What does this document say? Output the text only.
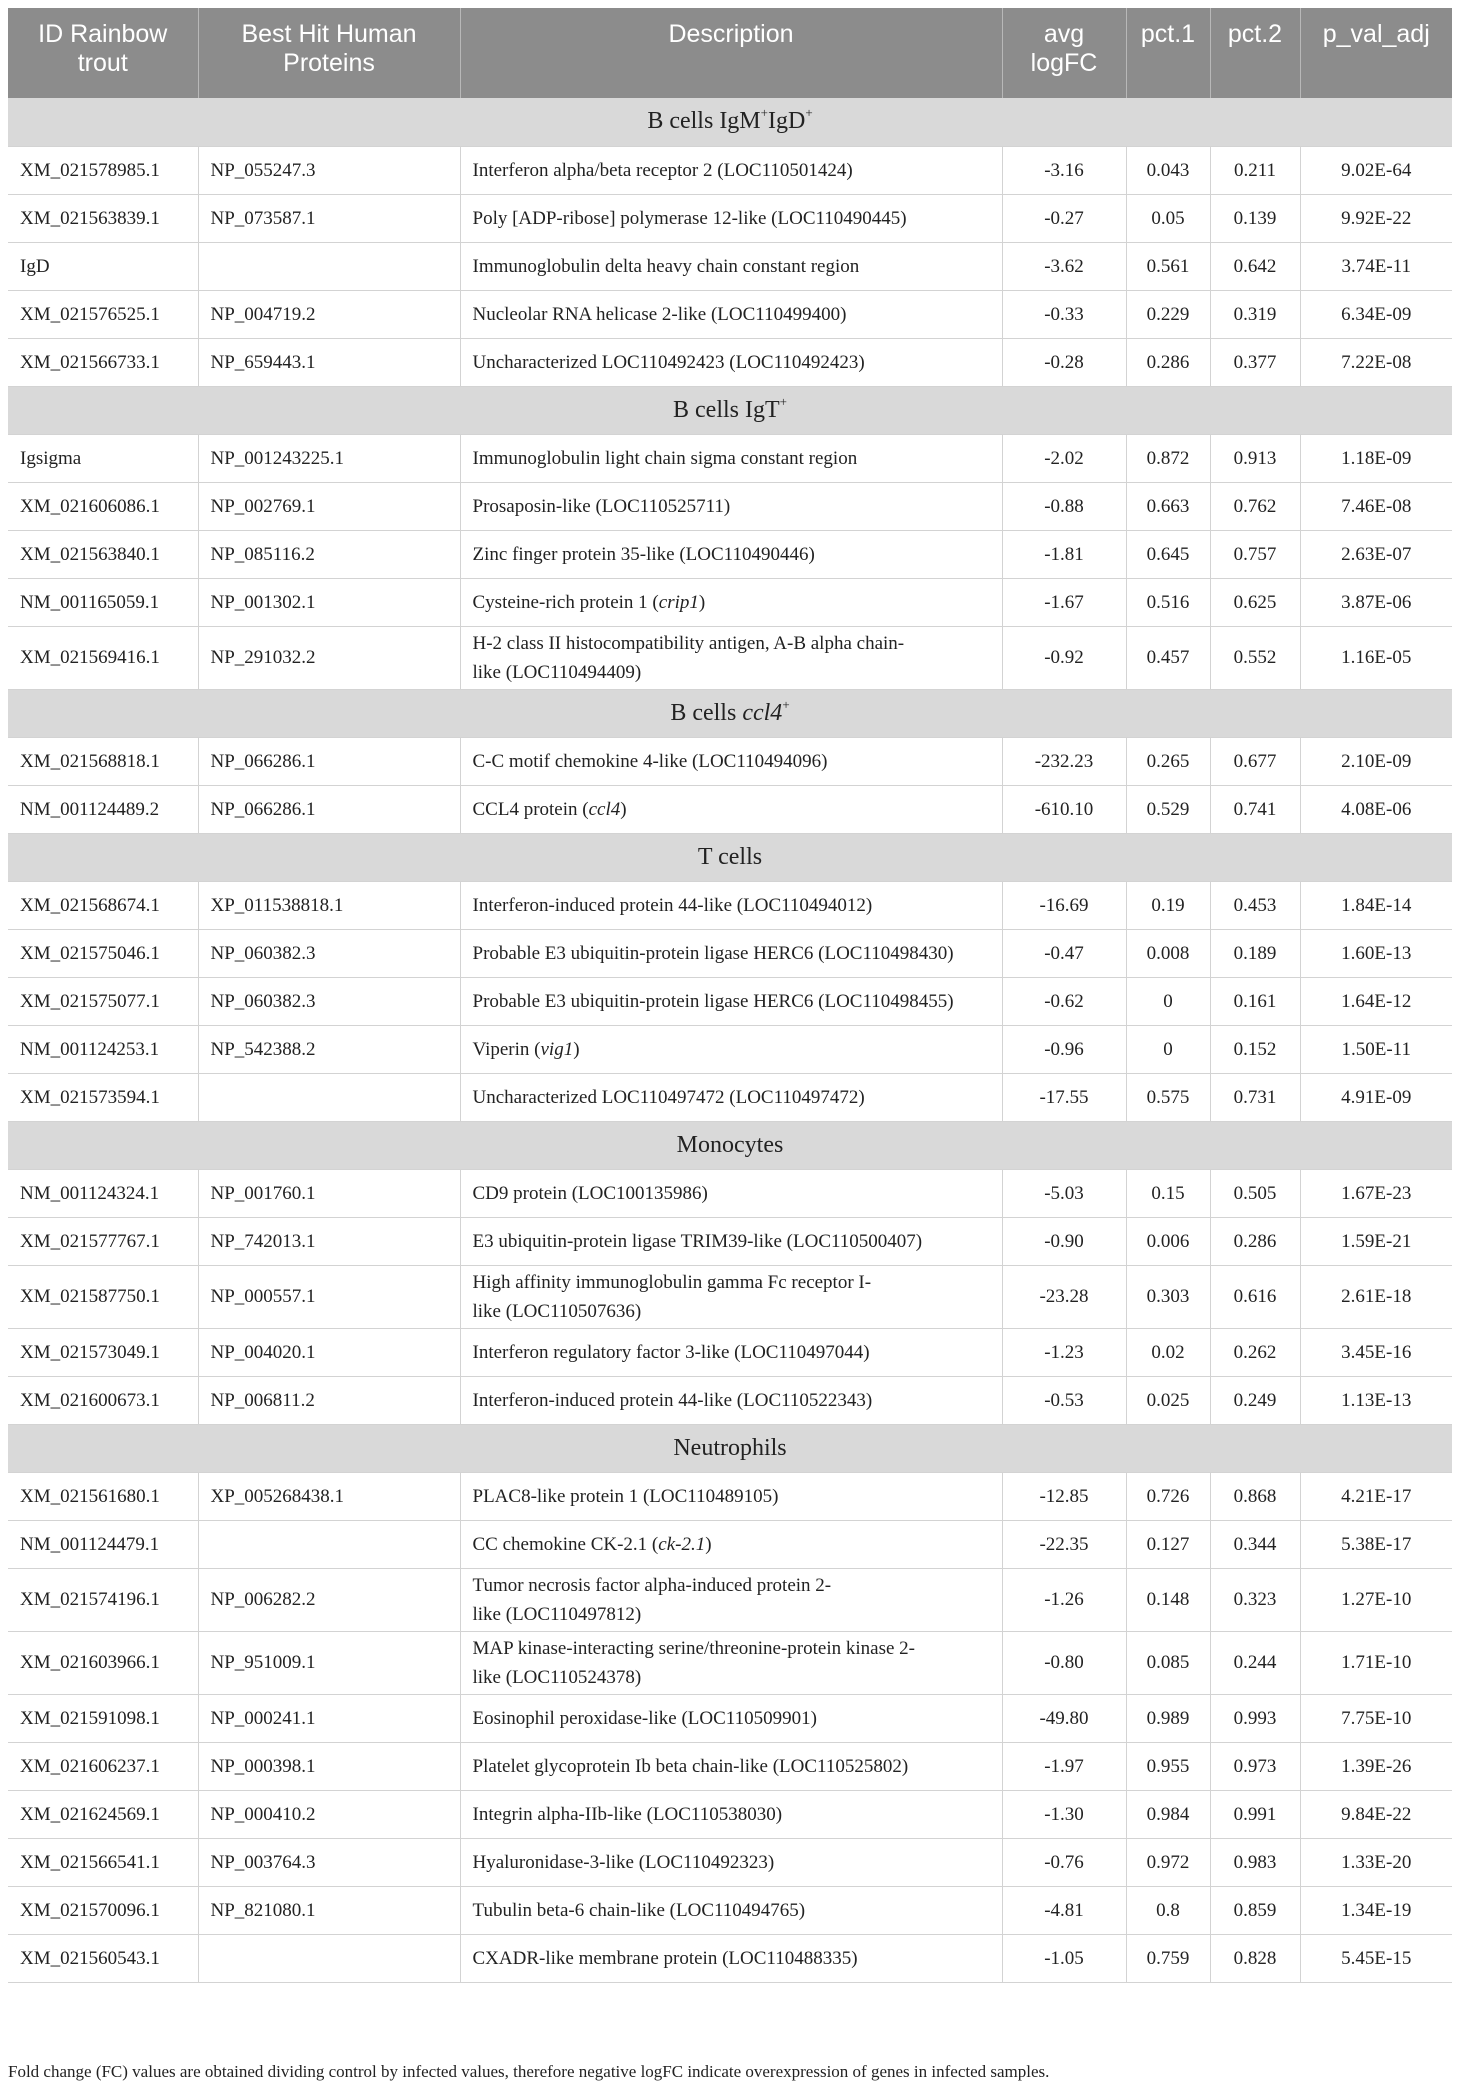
ID Rainbow trout	Best Hit Human Proteins	Description	avg logFC	pct.1	pct.2	p_val_adj
B cells IgM+IgD+
XM_021578985.1	NP_055247.3	Interferon alpha/beta receptor 2 (LOC110501424)	-3.16	0.043	0.211	9.02E-64
XM_021563839.1	NP_073587.1	Poly [ADP-ribose] polymerase 12-like (LOC110490445)	-0.27	0.05	0.139	9.92E-22
IgD		Immunoglobulin delta heavy chain constant region	-3.62	0.561	0.642	3.74E-11
XM_021576525.1	NP_004719.2	Nucleolar RNA helicase 2-like (LOC110499400)	-0.33	0.229	0.319	6.34E-09
XM_021566733.1	NP_659443.1	Uncharacterized LOC110492423 (LOC110492423)	-0.28	0.286	0.377	7.22E-08
B cells IgT+
Igsigma	NP_001243225.1	Immunoglobulin light chain sigma constant region	-2.02	0.872	0.913	1.18E-09
XM_021606086.1	NP_002769.1	Prosaposin-like (LOC110525711)	-0.88	0.663	0.762	7.46E-08
XM_021563840.1	NP_085116.2	Zinc finger protein 35-like (LOC110490446)	-1.81	0.645	0.757	2.63E-07
NM_001165059.1	NP_001302.1	Cysteine-rich protein 1 (crip1)	-1.67	0.516	0.625	3.87E-06
XM_021569416.1	NP_291032.2	H-2 class II histocompatibility antigen, A-B alpha chain-
like (LOC110494409)	-0.92	0.457	0.552	1.16E-05
B cells ccl4+
XM_021568818.1	NP_066286.1	C-C motif chemokine 4-like (LOC110494096)	-232.23	0.265	0.677	2.10E-09
NM_001124489.2	NP_066286.1	CCL4 protein (ccl4)	-610.10	0.529	0.741	4.08E-06
T cells						
XM_021568674.1	XP_011538818.1	Interferon-induced protein 44-like (LOC110494012)	-16.69	0.19	0.453	1.84E-14
XM_021575046.1	NP_060382.3	Probable E3 ubiquitin-protein ligase HERC6 (LOC110498430)	-0.47	0.008	0.189	1.60E-13
XM_021575077.1	NP_060382.3	Probable E3 ubiquitin-protein ligase HERC6 (LOC110498455)	-0.62	0	0.161	1.64E-12
NM_001124253.1	NP_542388.2	Viperin (vig1)	-0.96	0	0.152	1.50E-11
XM_021573594.1		Uncharacterized LOC110497472 (LOC110497472)	-17.55	0.575	0.731	4.91E-09
Monocytes						
NM_001124324.1	NP_001760.1	CD9 protein (LOC100135986)	-5.03	0.15	0.505	1.67E-23
XM_021577767.1	NP_742013.1	E3 ubiquitin-protein ligase TRIM39-like (LOC110500407)	-0.90	0.006	0.286	1.59E-21
XM_021587750.1	NP_000557.1	High affinity immunoglobulin gamma Fc receptor I-
like (LOC110507636)	-23.28	0.303	0.616	2.61E-18
XM_021573049.1	NP_004020.1	Interferon regulatory factor 3-like (LOC110497044)	-1.23	0.02	0.262	3.45E-16
XM_021600673.1	NP_006811.2	Interferon-induced protein 44-like (LOC110522343)	-0.53	0.025	0.249	1.13E-13
Neutrophils						
XM_021561680.1	XP_005268438.1	PLAC8-like protein 1 (LOC110489105)	-12.85	0.726	0.868	4.21E-17
NM_001124479.1		CC chemokine CK-2.1 (ck-2.1)	-22.35	0.127	0.344	5.38E-17
XM_021574196.1	NP_006282.2	Tumor necrosis factor alpha-induced protein 2-
like (LOC110497812)	-1.26	0.148	0.323	1.27E-10
XM_021603966.1	NP_951009.1	MAP kinase-interacting serine/threonine-protein kinase 2-
like (LOC110524378)	-0.80	0.085	0.244	1.71E-10
XM_021591098.1	NP_000241.1	Eosinophil peroxidase-like (LOC110509901)	-49.80	0.989	0.993	7.75E-10
XM_021606237.1	NP_000398.1	Platelet glycoprotein Ib beta chain-like (LOC110525802)	-1.97	0.955	0.973	1.39E-26
XM_021624569.1	NP_000410.2	Integrin alpha-IIb-like (LOC110538030)	-1.30	0.984	0.991	9.84E-22
XM_021566541.1	NP_003764.3	Hyaluronidase-3-like (LOC110492323)	-0.76	0.972	0.983	1.33E-20
XM_021570096.1	NP_821080.1	Tubulin beta-6 chain-like (LOC110494765)	-4.81	0.8	0.859	1.34E-19
XM_021560543.1		CXADR-like membrane protein (LOC110488335)	-1.05	0.759	0.828	5.45E-15
Fold change (FC) values are obtained dividing control by infected values, therefore negative logFC indicate overexpression of genes in infected samples.
